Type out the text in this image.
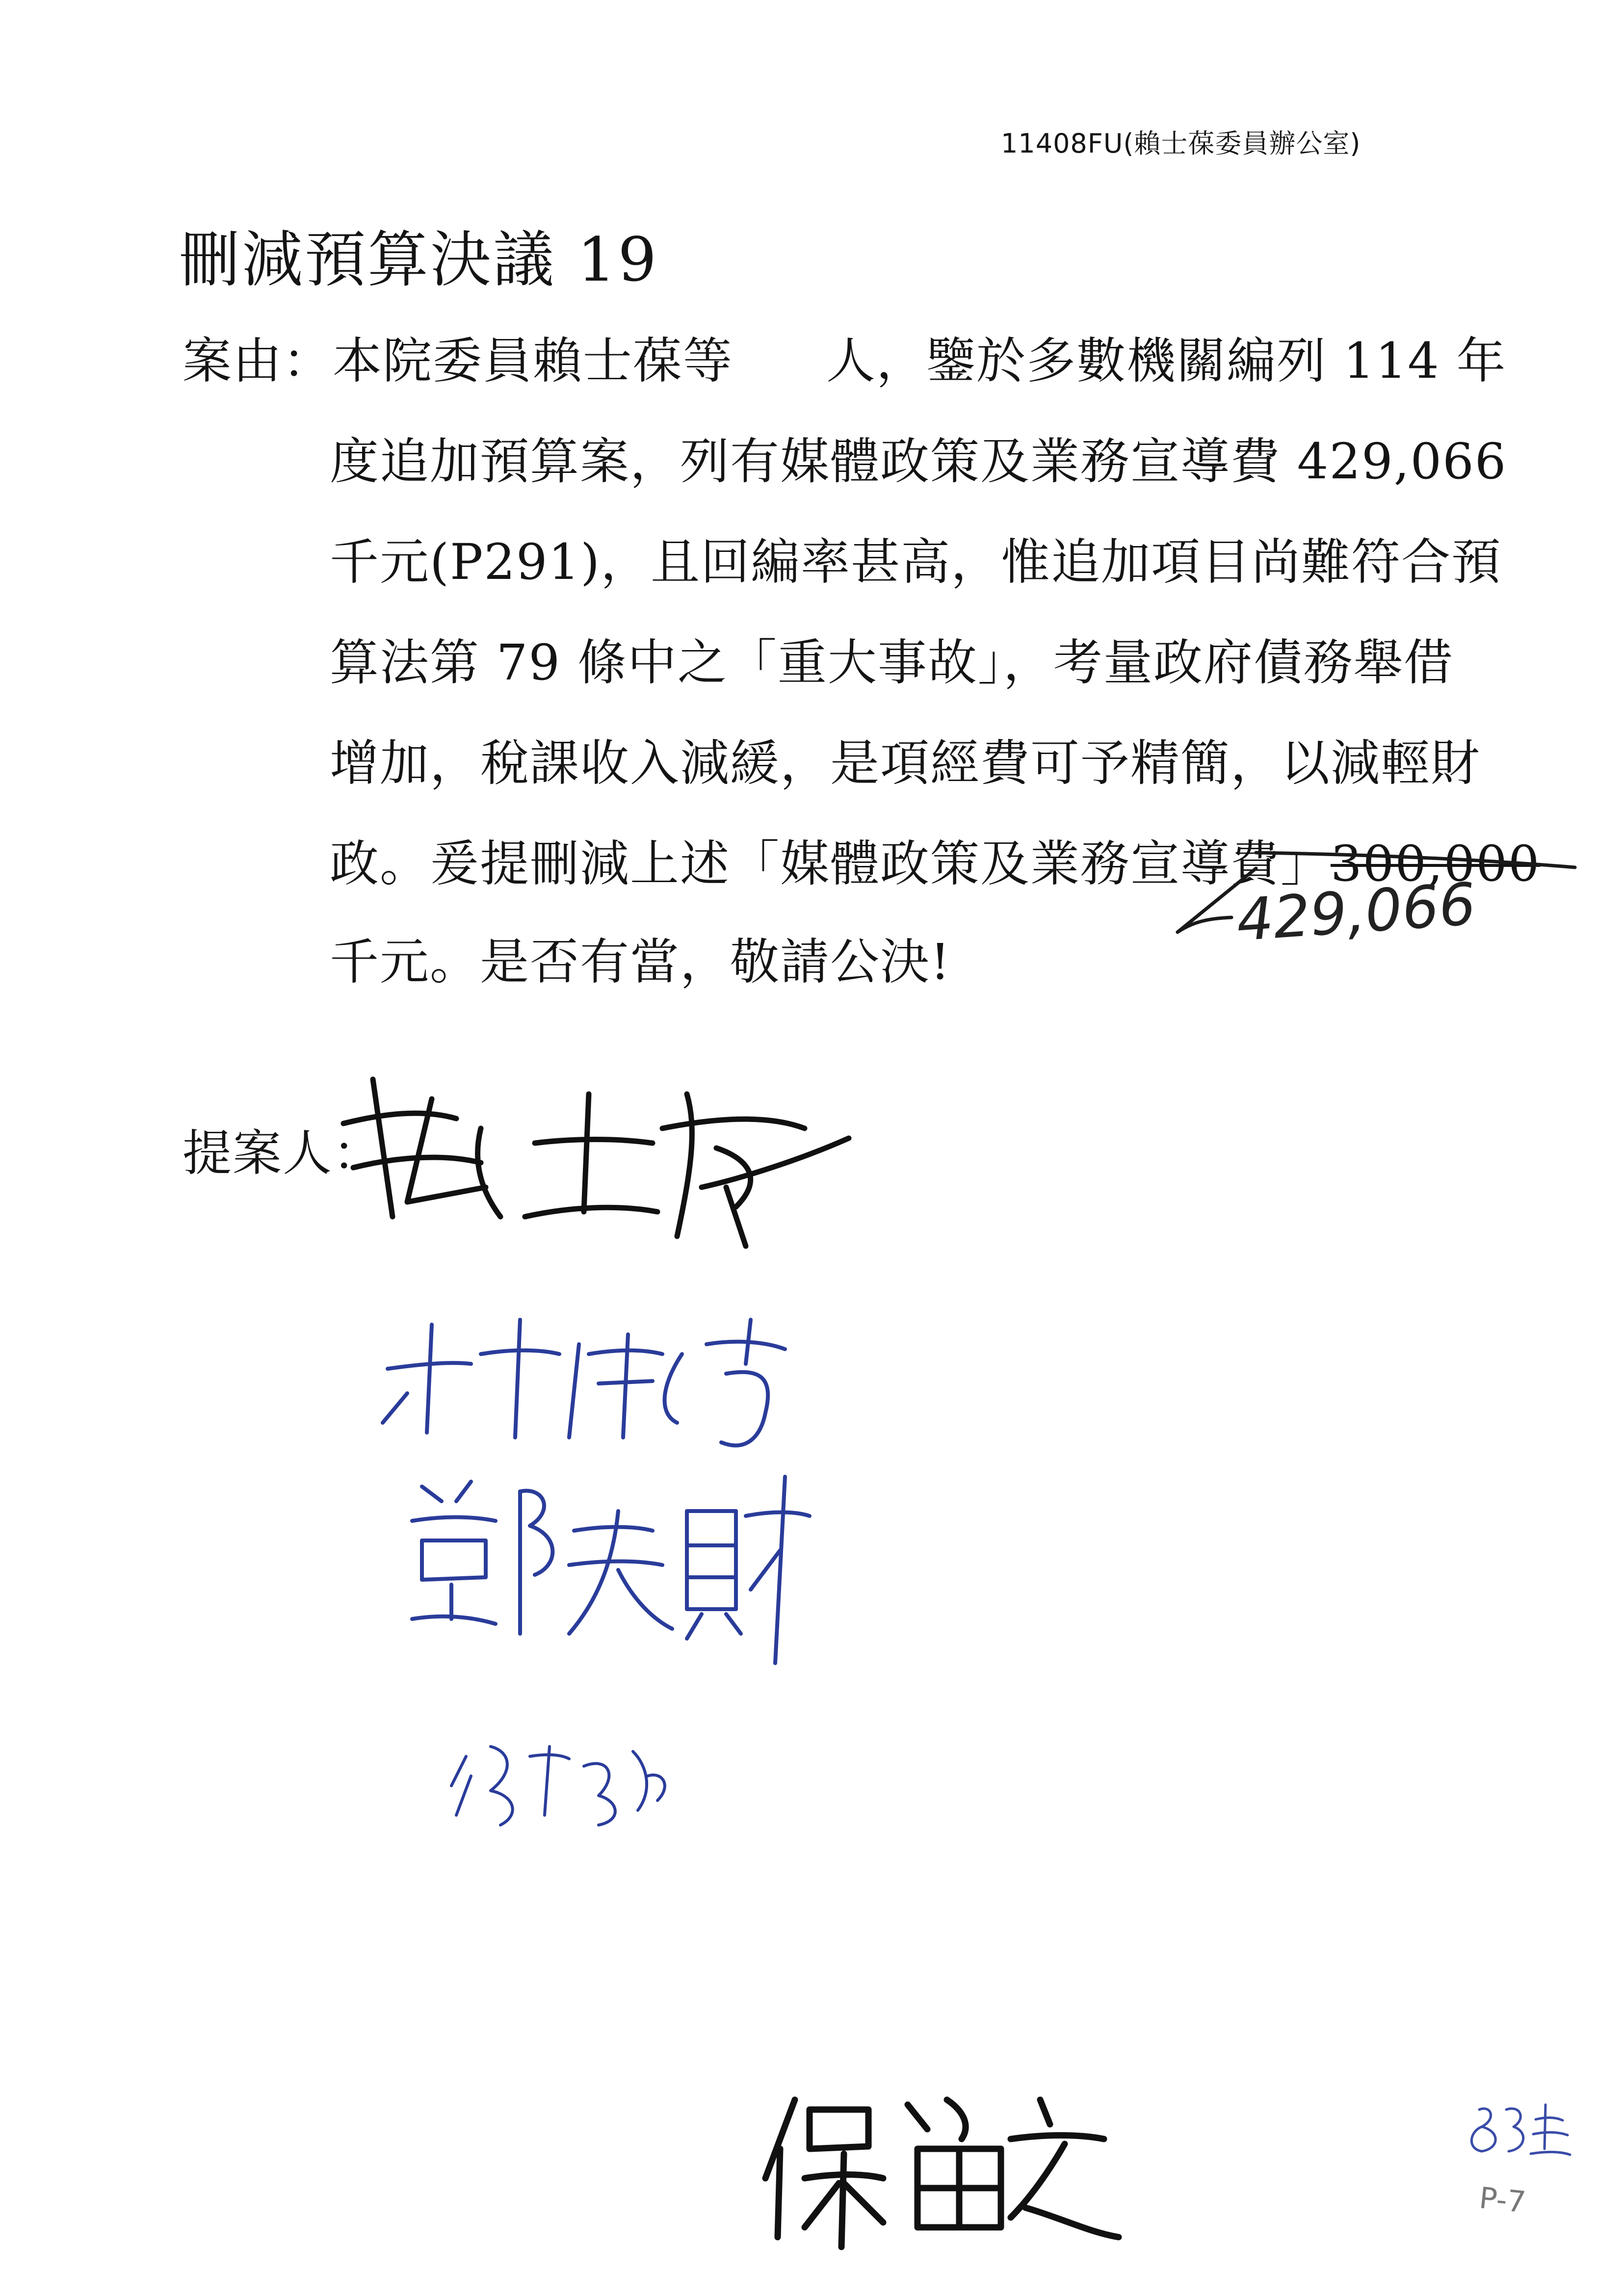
11408FU(賴士葆委員辦公室)
刪減預算決議 19
案由：本院委員賴士葆等 人，鑒於多數機關編列 114 年
度追加預算案，列有媒體政策及業務宣導費 429,066
千元(P291)，且回編率甚高，惟追加項目尚難符合預
算法第 79 條中之「重大事故」，考量政府債務舉借
增加，稅課收入減緩，是項經費可予精簡，以減輕財
政。爰提刪減上述「媒體政策及業務宣導費」300,000
千元。是否有當，敬請公決!
429,066
提案人：
P-7
